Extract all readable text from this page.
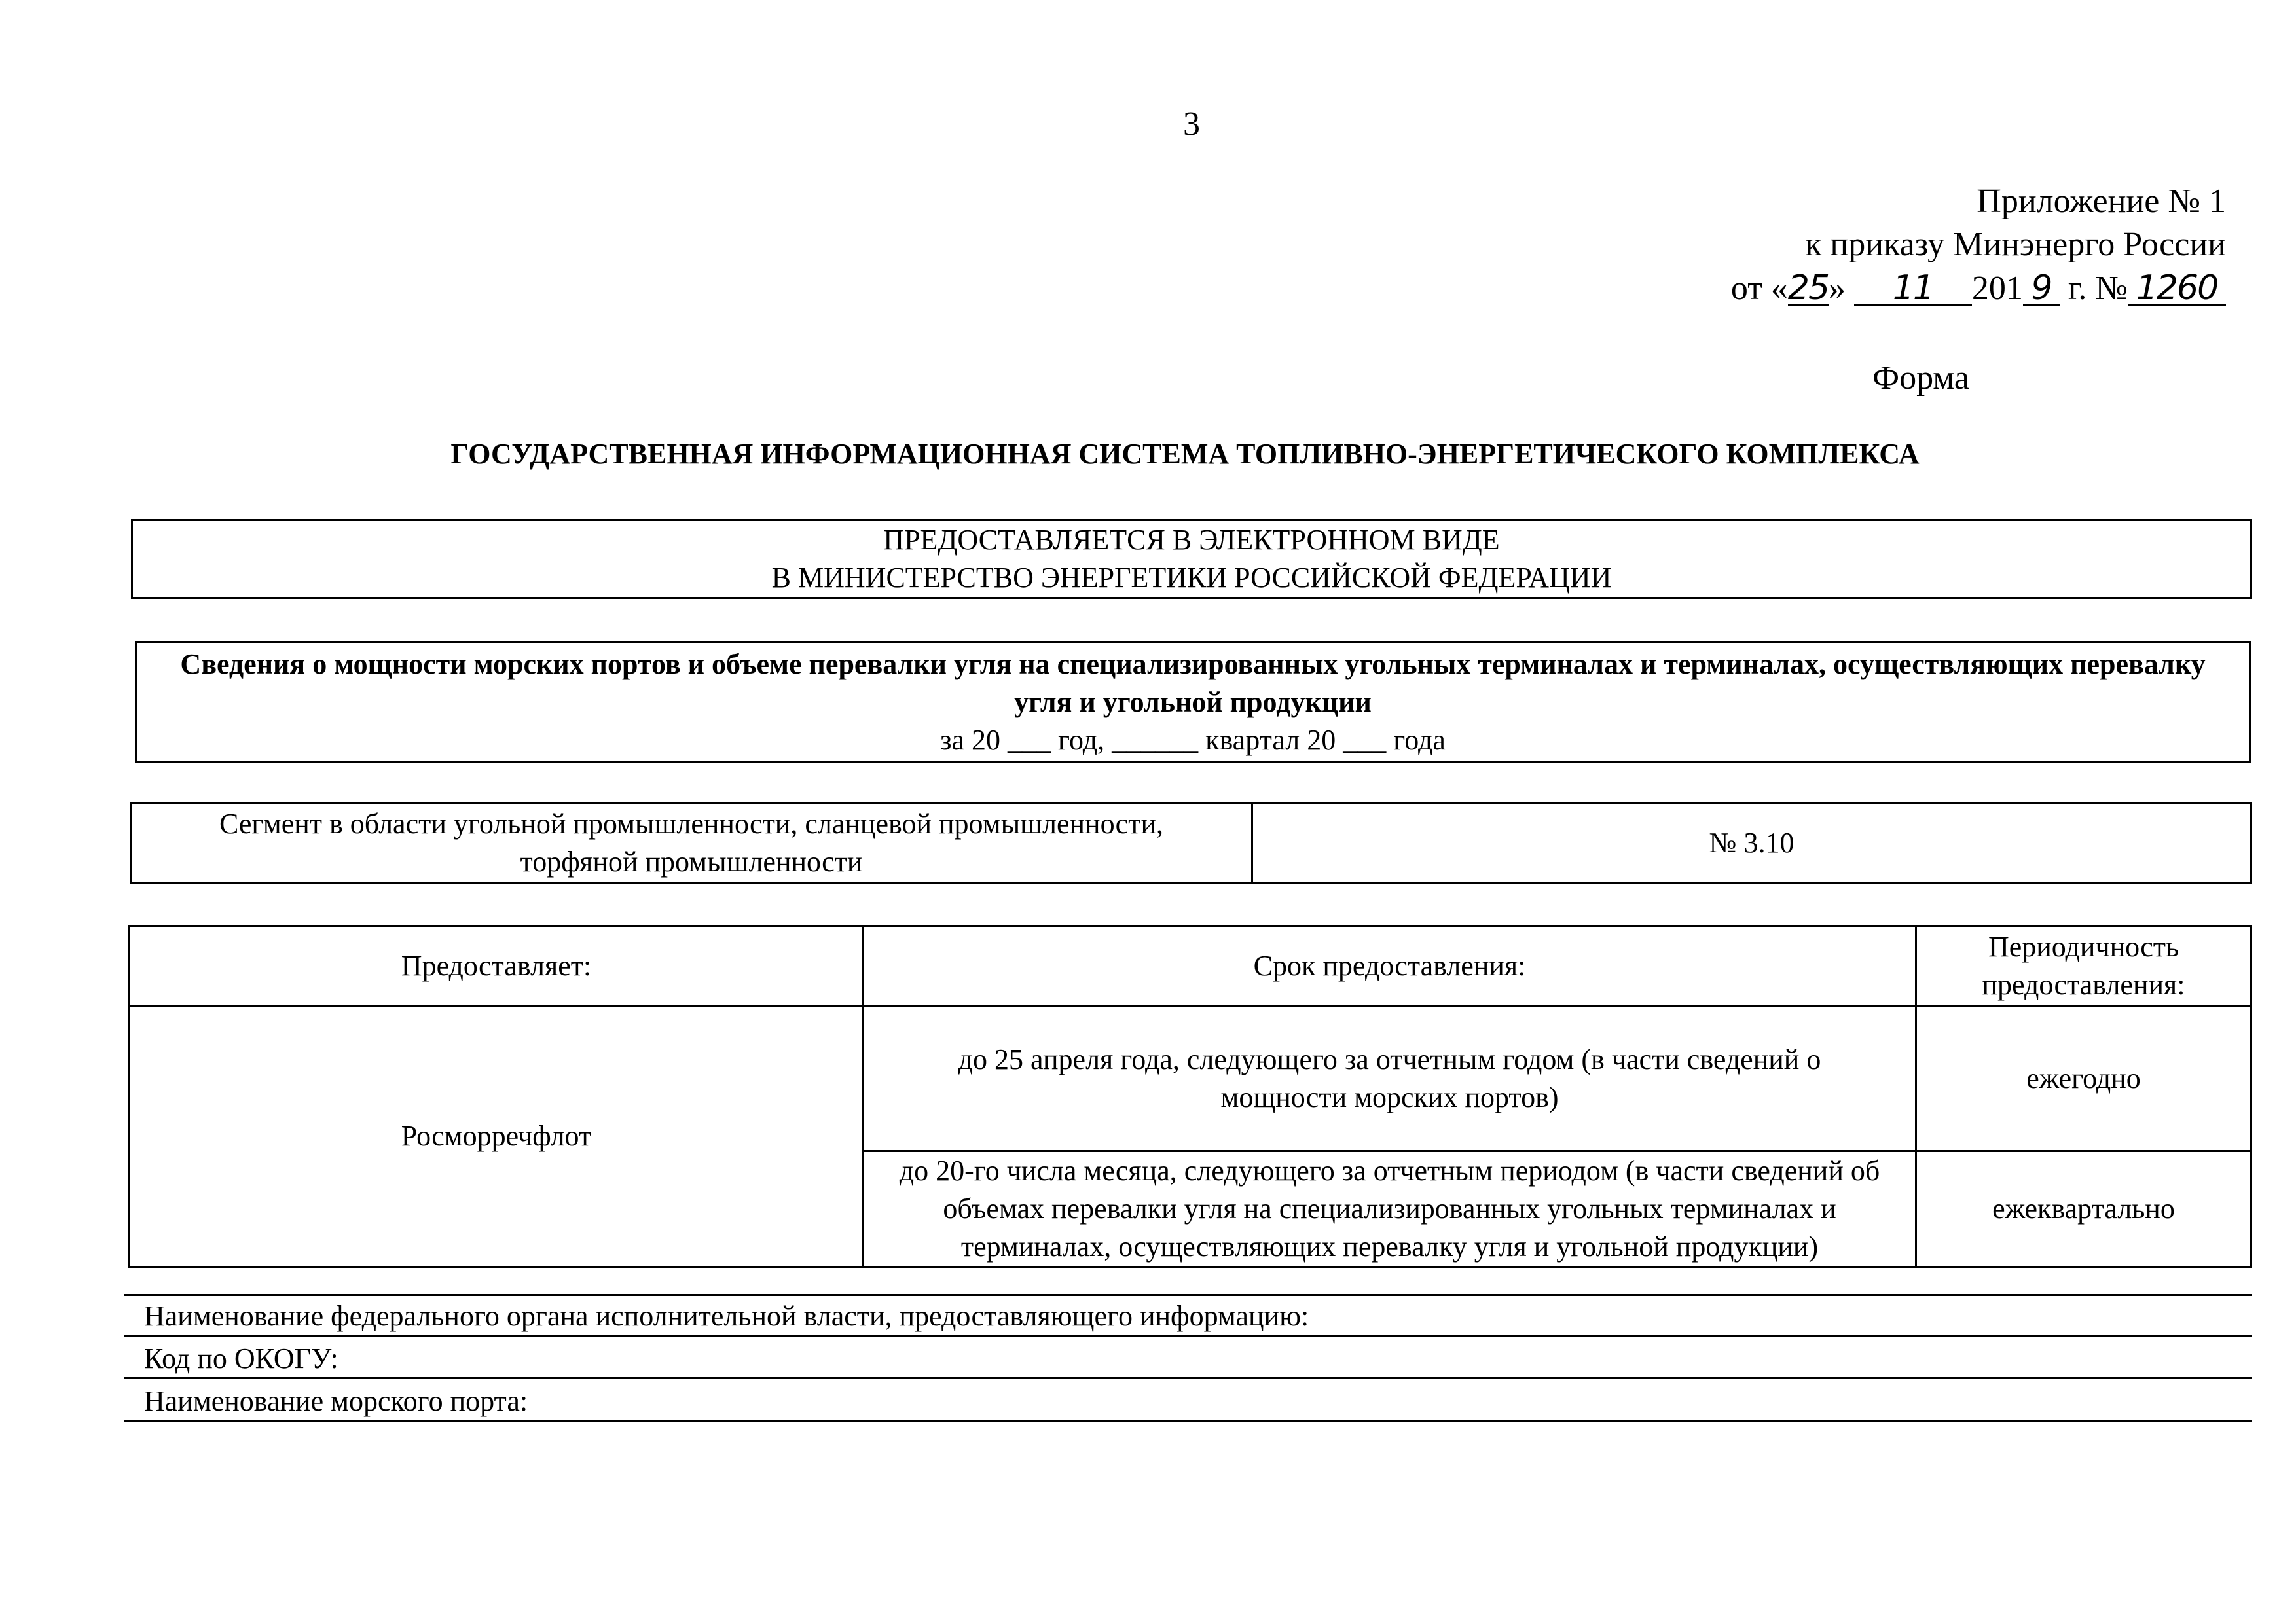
3
Приложение № 1
к приказу Минэнерго России
от «25» 11 201 9 г. № 1260
Форма
ГОСУДАРСТВЕННАЯ ИНФОРМАЦИОННАЯ СИСТЕМА ТОПЛИВНО-ЭНЕРГЕТИЧЕСКОГО КОМПЛЕКСА
ПРЕДОСТАВЛЯЕТСЯ В ЭЛЕКТРОННОМ ВИДЕ
В МИНИСТЕРСТВО ЭНЕРГЕТИКИ РОССИЙСКОЙ ФЕДЕРАЦИИ
Сведения о мощности морских портов и объеме перевалки угля на специализированных угольных терминалах и терминалах, осуществляющих перевалку угля и угольной продукции
за 20 ___ год, ______ квартал 20 ___ года
Сегмент в области угольной промышленности, сланцевой промышленности, торфяной промышленности	№ 3.10
Предоставляет:	Срок предоставления:	Периодичность предоставления:
Росморречфлот	до 25 апреля года, следующего за отчетным годом (в части сведений о мощности морских портов)	ежегодно
	до 20-го числа месяца, следующего за отчетным периодом (в части сведений об объемах перевалки угля на специализированных угольных терминалах и терминалах, осуществляющих перевалку угля и угольной продукции)	ежеквартально
Наименование федерального органа исполнительной власти, предоставляющего информацию:
Код по ОКОГУ:
Наименование морского порта:
